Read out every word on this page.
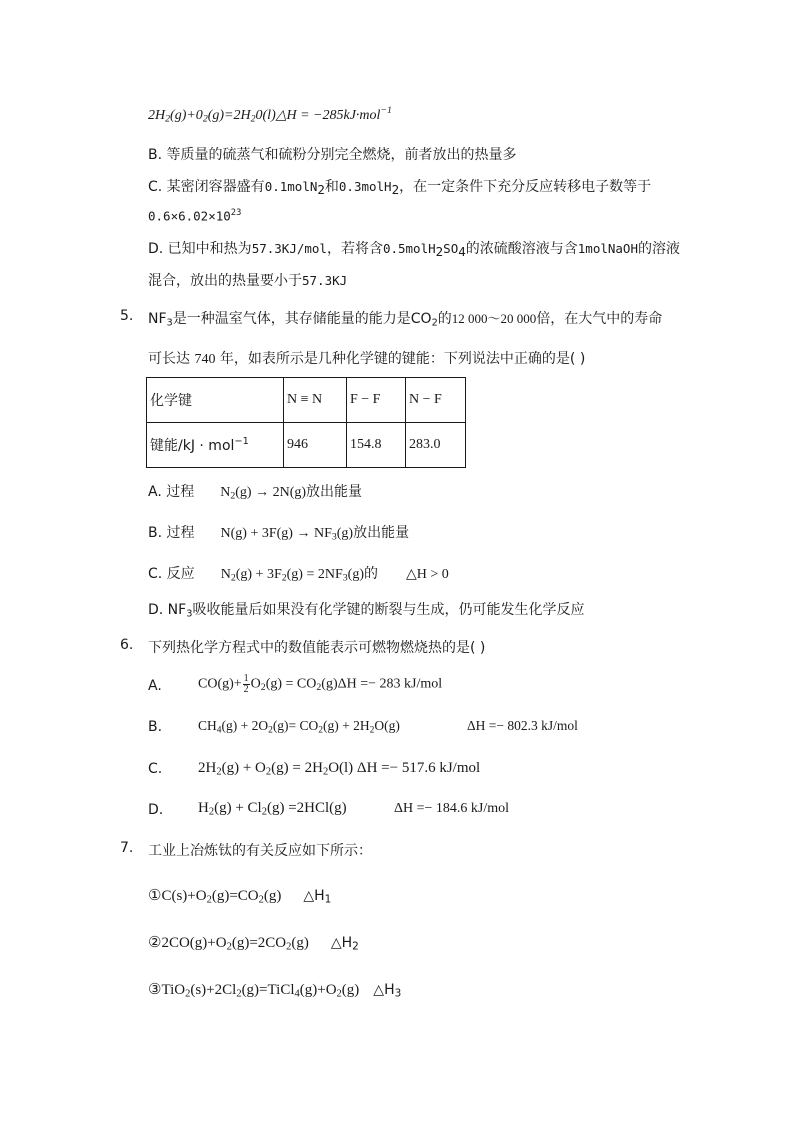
$2H_2(g)+0_2(g)=2H_20(l)\triangle H = -285kJ\cdot mol^{-1}$
B. 等质量的硫蒸气和硫粉分别完全燃烧，前者放出的热量多
C. 某密闭容器盛有0.1molN$_2$和0.3molH$_2$，在一定条件下充分反应转移电子数等于
$0.6\times 6.02\times 10^{23}$
D. 已知中和热为57.3KJ/mol，若将含$0.5molH_2SO_4$的浓硫酸溶液与含1molNaOH的溶液
混合，放出的热量要小于57.3KJ
5. $NF_3$是一种温室气体，其存储能量的能力是$CO_2$的12 000～20 000倍，在大气中的寿命
可长达 740 年，如表所示是几种化学键的键能：下列说法中正确的是( )
化学键	N ≡ N	F − F	N − F
键能/kJ · mol$^{-1}$	946	154.8	283.0
A. 过程 $N_2(g) \to 2N(g)$放出能量
B. 过程 $N(g) + 3F(g) \to NF_3(g)$放出能量
C. 反应 $N_2(g) + 3F_2(g) = 2NF_3(g)$的 △H > 0
D. $NF_3$吸收能量后如果没有化学键的断裂与生成，仍可能发生化学反应
6. 下列热化学方程式中的数值能表示可燃物燃烧热的是( )
A.	$CO(g)+ \frac{1}{2} O_2(g) = CO_2(g)\Delta H =- 283$ kJ/mol
B.	$CH_4(g) + 2O_2(g)= CO_2(g) + 2H_2O(g)$	ΔH =− 802.3 kJ/mol
C. $2H_2(g) + O_2(g) = 2H_2O(l) \Delta H =- 517.6$ kJ/mol
D. $H_2(g) + Cl_2(g) =2HCl(g)$	ΔH =− 184.6 kJ/mol
7. 工业上冶炼钛的有关反应如下所示：
$①C(s)+O_2(g)=CO_2(g)$ $\triangle H_1$
$②2CO(g)+O_2(g)=2CO_2(g)$ $\triangle H_2$
$③TiO_2(s)+2Cl_2(g)=TiCl_4(g)+O_2(g)$ $\triangle H_3$
